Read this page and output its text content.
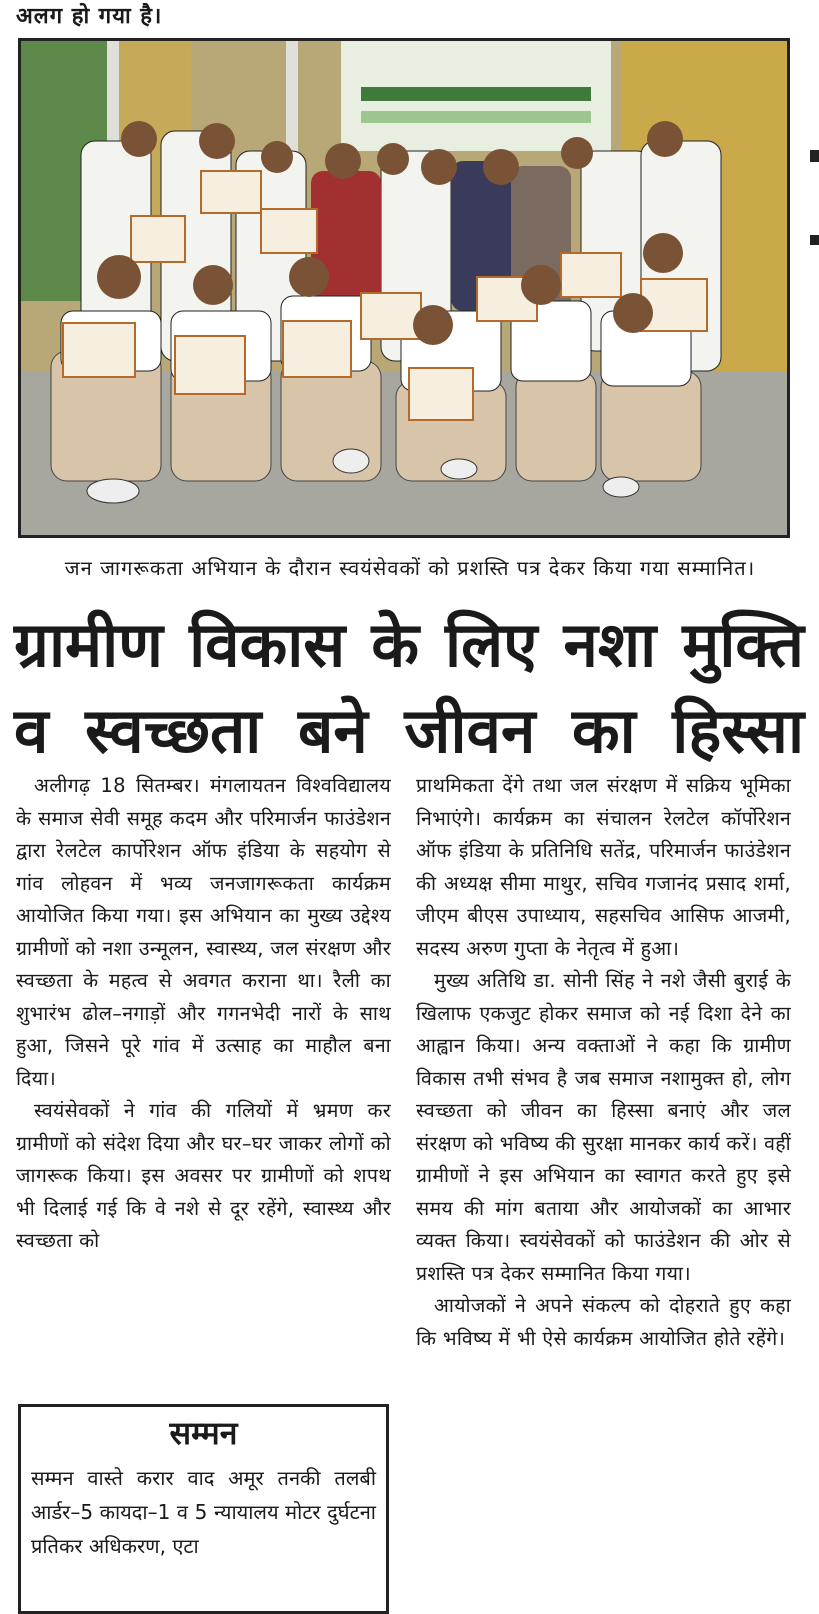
अलग हो गया है।
जन जागरूकता अभियान के दौरान स्वयंसेवकों को प्रशस्ति पत्र देकर किया गया सम्मानित।
ग्रामीण विकास के लिए नशा मुक्ति
व स्वच्छता बने जीवन का हिस्सा

अलीगढ़ 18 सितम्बर। मंगलायतन विश्वविद्यालय के समाज सेवी समूह कदम और परिमार्जन फाउंडेशन द्वारा रेलटेल कार्पोरेशन ऑफ इंडिया के सहयोग से गांव लोहवन में भव्य जनजागरूकता कार्यक्रम आयोजित किया गया। इस अभियान का मुख्य उद्देश्य ग्रामीणों को नशा उन्मूलन, स्वास्थ्य, जल संरक्षण और स्वच्छता के महत्व से अवगत कराना था। रैली का शुभारंभ ढोल–नगाड़ों और गगनभेदी नारों के साथ हुआ, जिसने पूरे गांव में उत्साह का माहौल बना दिया।

स्वयंसेवकों ने गांव की गलियों में भ्रमण कर ग्रामीणों को संदेश दिया और घर–घर जाकर लोगों को जागरूक किया। इस अवसर पर ग्रामीणों को शपथ भी दिलाई गई कि वे नशे से दूर रहेंगे, स्वास्थ्य और स्वच्छता को

प्राथमिकता देंगे तथा जल संरक्षण में सक्रिय भूमिका निभाएंगे। कार्यक्रम का संचालन रेलटेल कॉर्पोरेशन ऑफ इंडिया के प्रतिनिधि सतेंद्र, परिमार्जन फाउंडेशन की अध्यक्ष सीमा माथुर, सचिव गजानंद प्रसाद शर्मा, जीएम बीएस उपाध्याय, सहसचिव आसिफ आजमी, सदस्य अरुण गुप्ता के नेतृत्व में हुआ।

मुख्य अतिथि डा. सोनी सिंह ने नशे जैसी बुराई के खिलाफ एकजुट होकर समाज को नई दिशा देने का आह्वान किया। अन्य वक्ताओं ने कहा कि ग्रामीण विकास तभी संभव है जब समाज नशामुक्त हो, लोग स्वच्छता को जीवन का हिस्सा बनाएं और जल संरक्षण को भविष्य की सुरक्षा मानकर कार्य करें। वहीं ग्रामीणों ने इस अभियान का स्वागत करते हुए इसे समय की मांग बताया और आयोजकों का आभार व्यक्त किया। स्वयंसेवकों को फाउंडेशन की ओर से प्रशस्ति पत्र देकर सम्मानित किया गया।

आयोजकों ने अपने संकल्प को दोहराते हुए कहा कि भविष्य में भी ऐसे कार्यक्रम आयोजित होते रहेंगे।

सम्मन
सम्मन वास्ते करार वाद अमूर तनकी तलबी आर्डर–5 कायदा–1 व 5 न्यायालय मोटर दुर्घटना प्रतिकर अधिकरण, एटा
